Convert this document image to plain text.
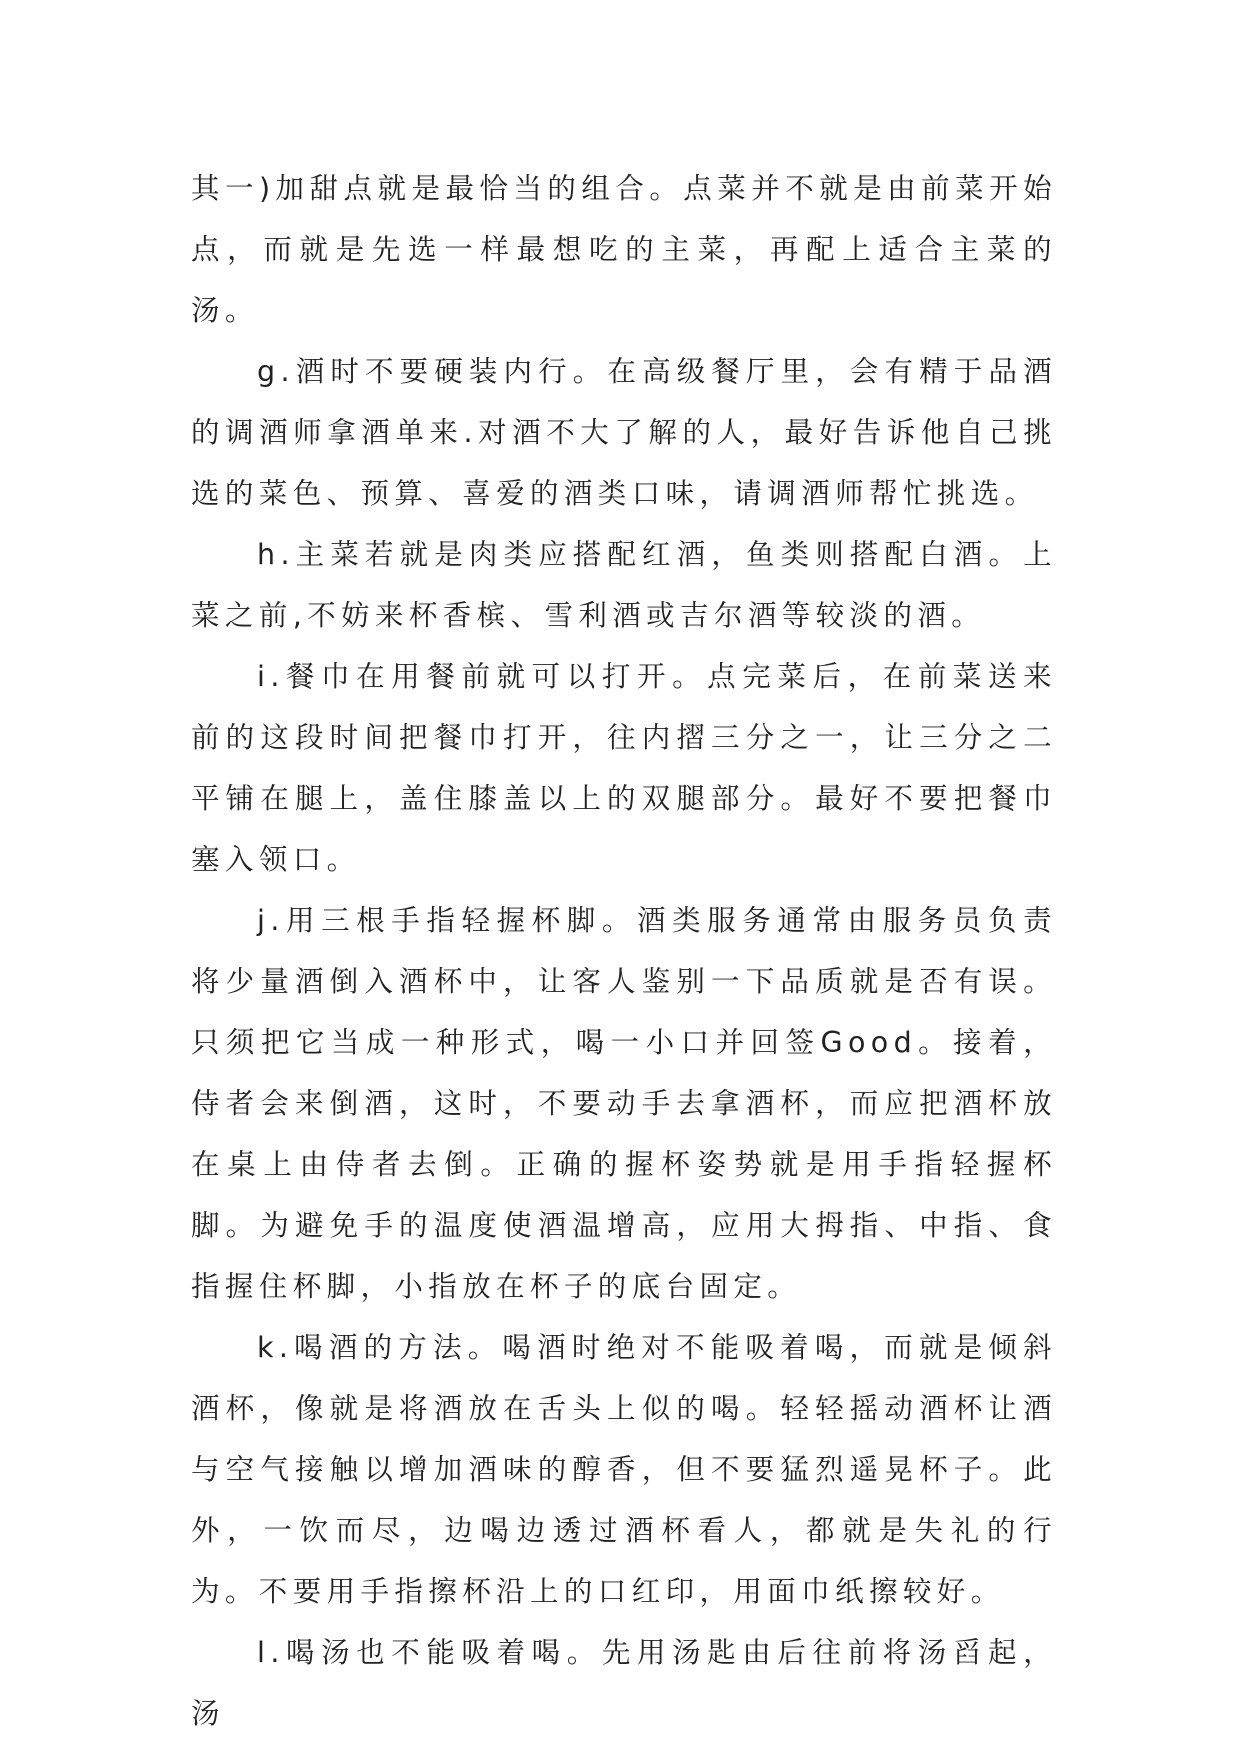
其一)加甜点就是最恰当的组合。点菜并不就是由前菜开始点，而就是先选一样最想吃的主菜，再配上适合主菜的汤。

g.酒时不要硬装内行。在高级餐厅里，会有精于品酒的调酒师拿酒单来.对酒不大了解的人，最好告诉他自己挑选的菜色、预算、喜爱的酒类口味，请调酒师帮忙挑选。

h.主菜若就是肉类应搭配红酒，鱼类则搭配白酒。上菜之前,不妨来杯香槟、雪利酒或吉尔酒等较淡的酒。

i.餐巾在用餐前就可以打开。点完菜后，在前菜送来前的这段时间把餐巾打开，往内摺三分之一，让三分之二平铺在腿上，盖住膝盖以上的双腿部分。最好不要把餐巾塞入领口。

j.用三根手指轻握杯脚。酒类服务通常由服务员负责将少量酒倒入酒杯中，让客人鉴别一下品质就是否有误。只须把它当成一种形式，喝一小口并回签Good。接着，侍者会来倒酒，这时，不要动手去拿酒杯，而应把酒杯放在桌上由侍者去倒。正确的握杯姿势就是用手指轻握杯脚。为避免手的温度使酒温增高，应用大拇指、中指、食指握住杯脚，小指放在杯子的底台固定。

k.喝酒的方法。喝酒时绝对不能吸着喝，而就是倾斜酒杯，像就是将酒放在舌头上似的喝。轻轻摇动酒杯让酒与空气接触以增加酒味的醇香，但不要猛烈遥晃杯子。此外，一饮而尽，边喝边透过酒杯看人，都就是失礼的行为。不要用手指擦杯沿上的口红印，用面巾纸擦较好。

l.喝汤也不能吸着喝。先用汤匙由后往前将汤舀起，汤
